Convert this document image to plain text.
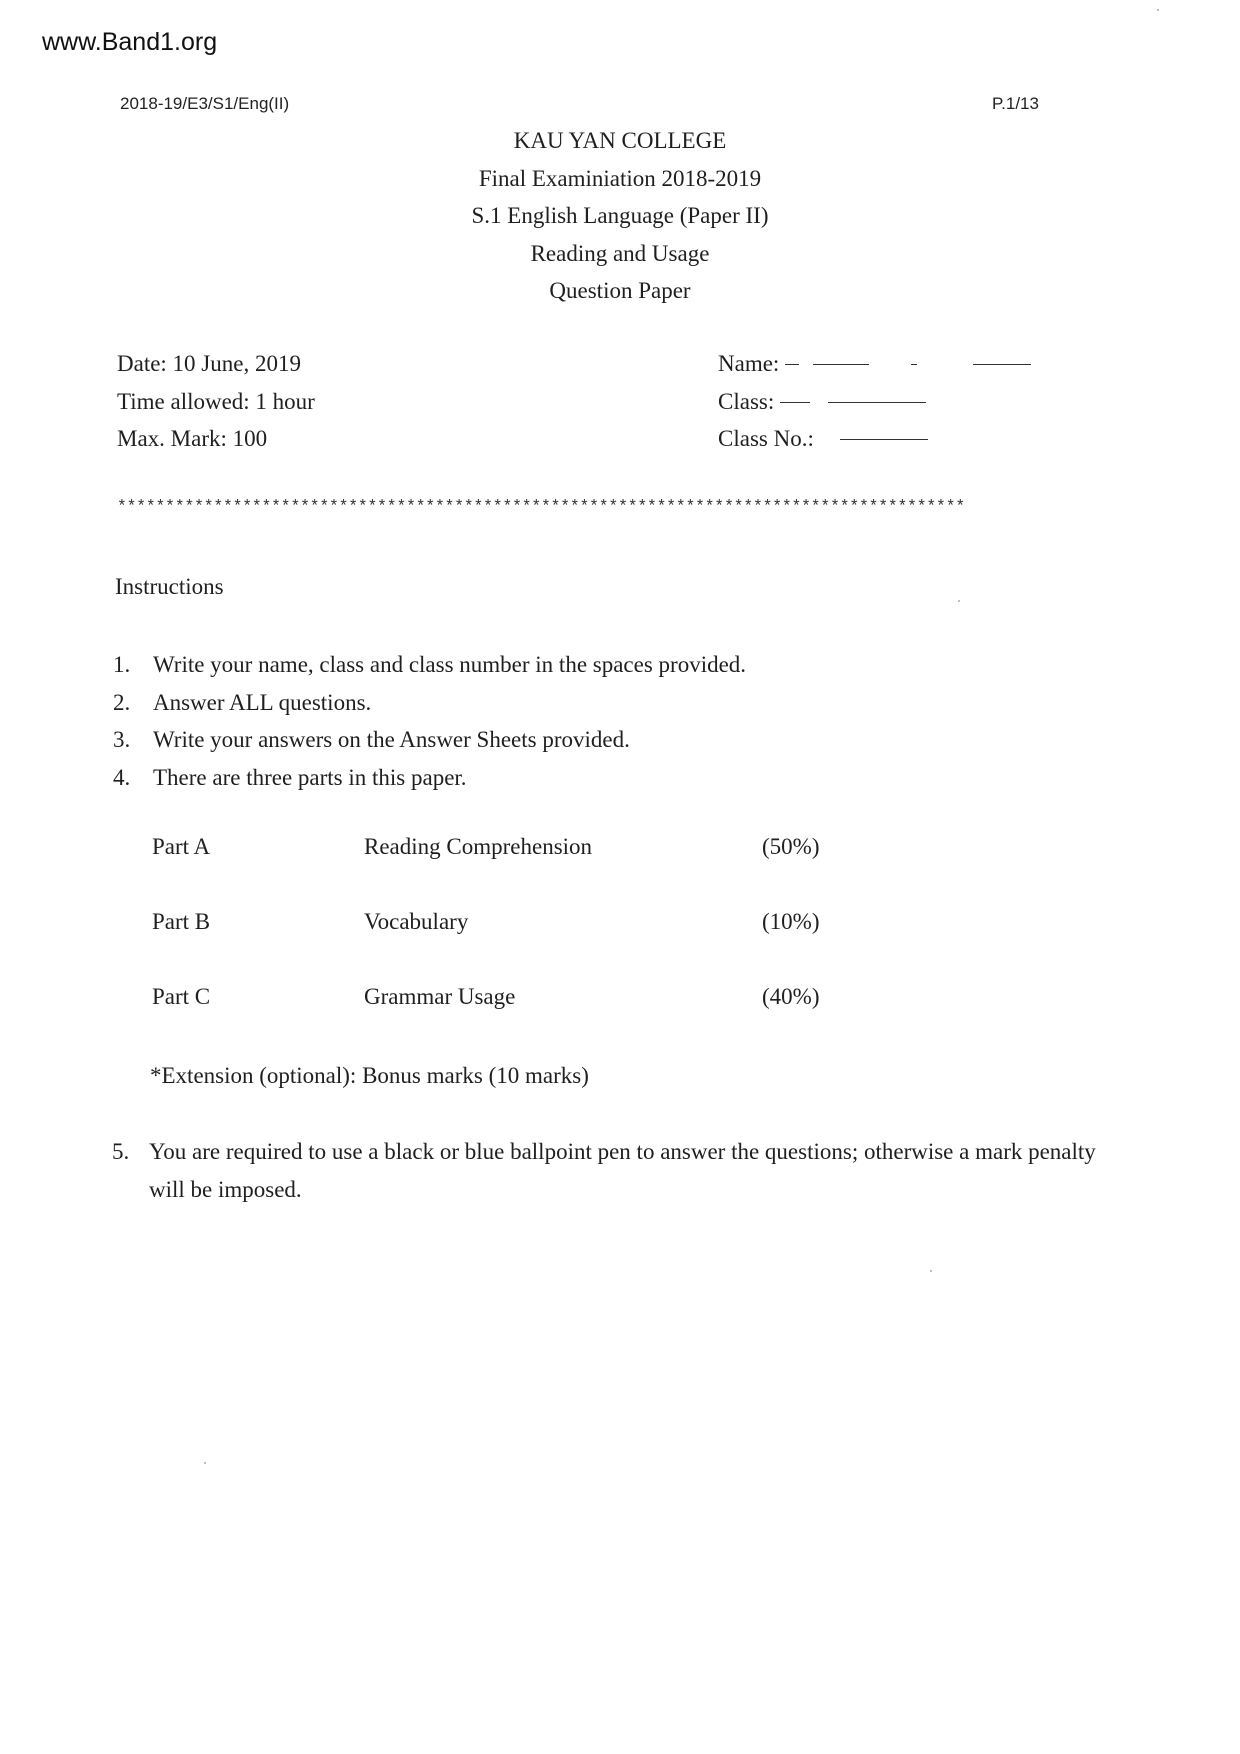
www.Band1.org
2018-19/E3/S1/Eng(II)	P.1/13
KAU YAN COLLEGE
Final Examiniation 2018-2019
S.1 English Language (Paper II)
Reading and Usage
Question Paper
Date: 10 June, 2019
Time allowed: 1 hour
Max. Mark: 100
Name:
Class:
Class No.:
****************************************************************************************
Instructions
1. Write your name, class and class number in the spaces provided.
2. Answer ALL questions.
3. Write your answers on the Answer Sheets provided.
4. There are three parts in this paper.
Part A	Reading Comprehension	(50%)
Part B	Vocabulary	(10%)
Part C	Grammar Usage	(40%)
*Extension (optional): Bonus marks (10 marks)
5. You are required to use a black or blue ballpoint pen to answer the questions; otherwise a mark penalty will be imposed.
